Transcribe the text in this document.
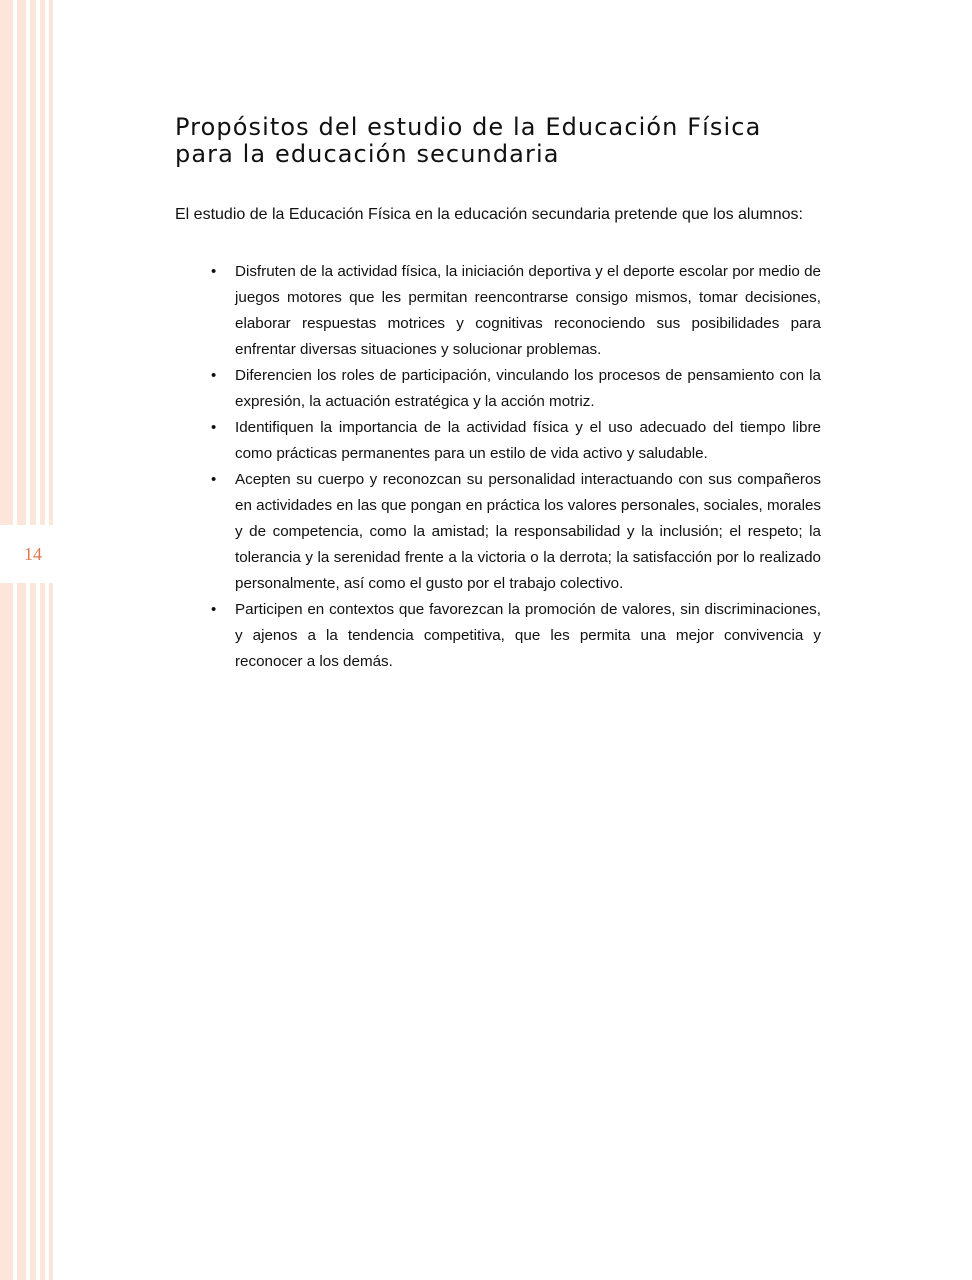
14
Propósitos del estudio de la Educación Física
para la educación secundaria

El estudio de la Educación Física en la educación secundaria pretende que los alumnos:

• Disfruten de la actividad física, la iniciación deportiva y el deporte escolar por medio de juegos motores que les permitan reencontrarse consigo mismos, tomar decisiones, elaborar respuestas motrices y cognitivas reconociendo sus posibilidades para enfrentar diversas situaciones y solucionar problemas.
• Diferencien los roles de participación, vinculando los procesos de pensamiento con la expresión, la actuación estratégica y la acción motriz.
• Identifiquen la importancia de la actividad física y el uso adecuado del tiempo libre como prácticas permanentes para un estilo de vida activo y saludable.
• Acepten su cuerpo y reconozcan su personalidad interactuando con sus compañeros en actividades en las que pongan en práctica los valores personales, sociales, morales y de competencia, como la amistad; la responsabilidad y la inclusión; el respeto; la tolerancia y la serenidad frente a la victoria o la derrota; la satisfacción por lo realizado personalmente, así como el gusto por el trabajo colectivo.
• Participen en contextos que favorezcan la promoción de valores, sin discriminaciones, y ajenos a la tendencia competitiva, que les permita una mejor convivencia y reconocer a los demás.
